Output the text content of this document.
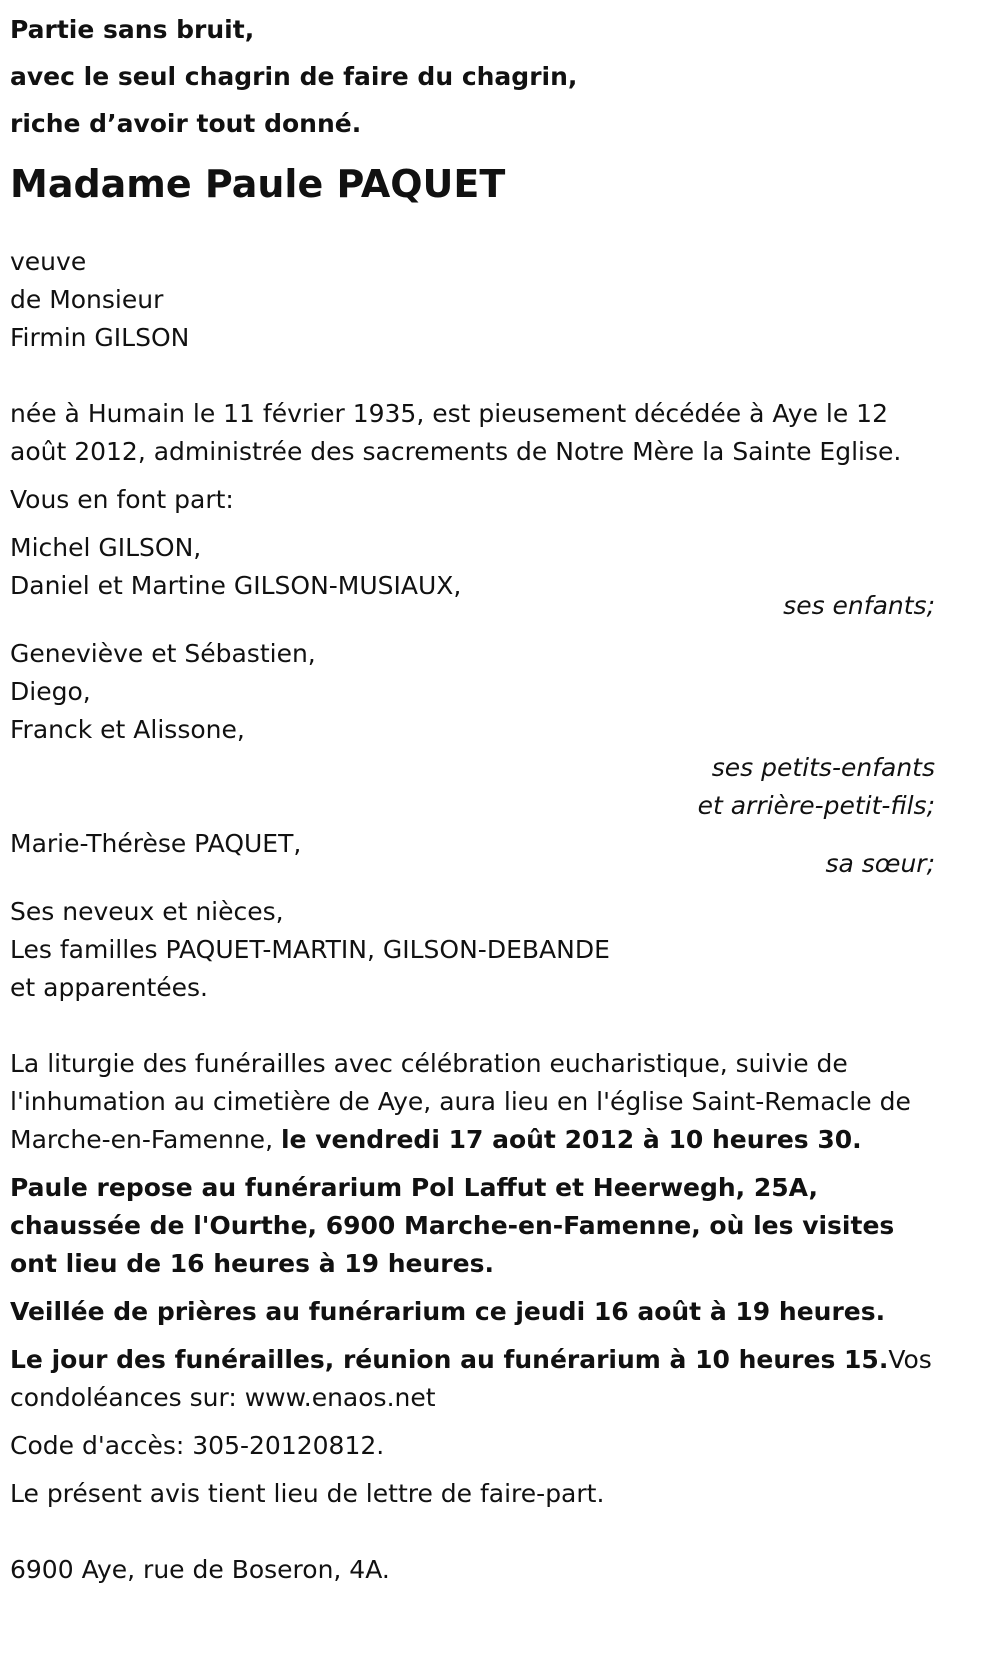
Partie sans bruit,
avec le seul chagrin de faire du chagrin,
riche d’avoir tout donné.
Madame Paule PAQUET
veuve
de Monsieur
Firmin GILSON
née à Humain le 11 février 1935, est pieusement décédée à Aye le 12 août 2012, administrée des sacrements de Notre Mère la Sainte Eglise.
Vous en font part:
Michel GILSON,
Daniel et Martine GILSON-MUSIAUX,
ses enfants;
Geneviève et Sébastien,
Diego,
Franck et Alissone,
ses petits-enfants
et arrière-petit-fils;
Marie-Thérèse PAQUET,
sa sœur;
Ses neveux et nièces,
Les familles PAQUET-MARTIN, GILSON-DEBANDE
et apparentées.
La liturgie des funérailles avec célébration eucharistique, suivie de l'inhumation au cimetière de Aye, aura lieu en l'église Saint-Remacle de Marche-en-Famenne, le vendredi 17 août 2012 à 10 heures 30.
Paule repose au funérarium Pol Laffut et Heerwegh, 25A, chaussée de l'Ourthe, 6900 Marche-en-Famenne, où les visites ont lieu de 16 heures à 19 heures.
Veillée de prières au funérarium ce jeudi 16 août à 19 heures.
Le jour des funérailles, réunion au funérarium à 10 heures 15.Vos condoléances sur: www.enaos.net
Code d'accès: 305-20120812.
Le présent avis tient lieu de lettre de faire-part.
6900 Aye, rue de Boseron, 4A.
